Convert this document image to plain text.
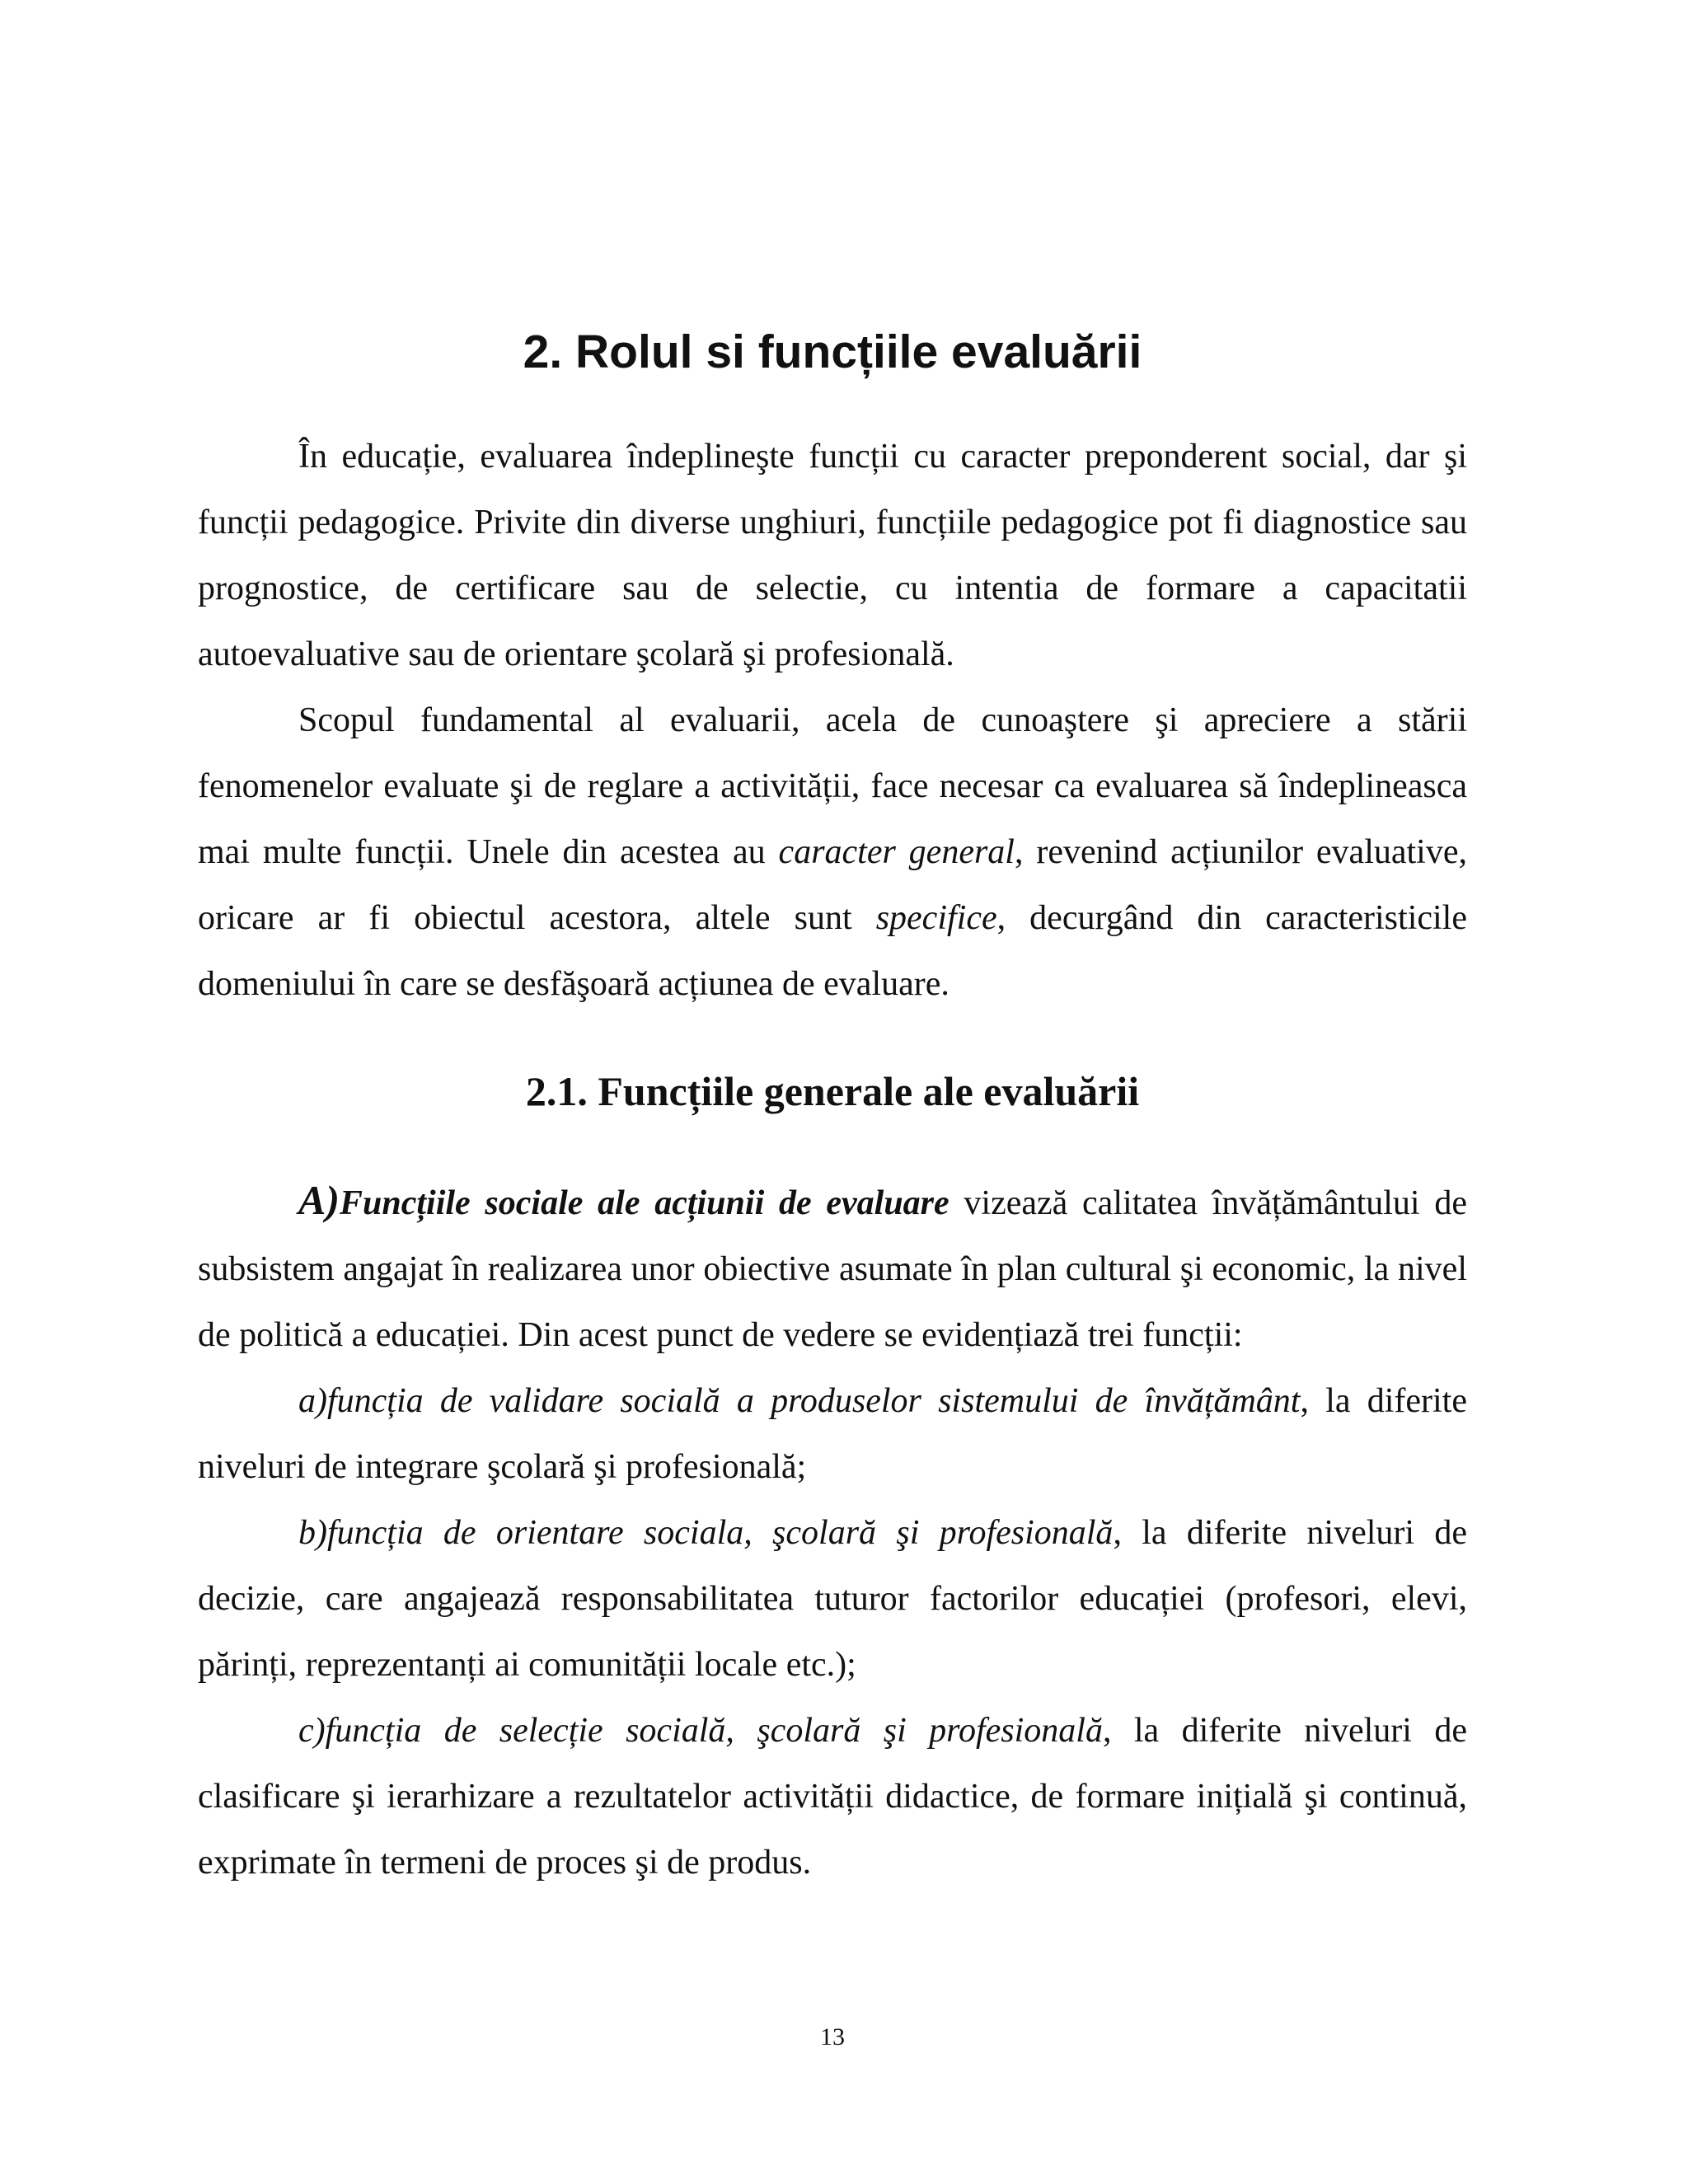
2. Rolul si funcțiile evaluării

În educație, evaluarea îndeplineşte funcții cu caracter preponderent social, dar şi funcții pedagogice. Privite din diverse unghiuri, funcțiile pedagogice pot fi diagnostice sau prognostice, de certificare sau de selectie, cu intentia de formare a capacitatii autoevaluative sau de orientare şcolară şi profesională.

Scopul fundamental al evaluarii, acela de cunoaştere şi apreciere a stării fenomenelor evaluate şi de reglare a activității, face necesar ca evaluarea să îndeplineasca mai multe funcții. Unele din acestea au caracter general, revenind acțiunilor evaluative, oricare ar fi obiectul acestora, altele sunt specifice, decurgând din caracteristicile domeniului în care se desfăşoară acțiunea de evaluare.

2.1. Funcțiile generale ale evaluării

A)Funcțiile sociale ale acțiunii de evaluare vizează calitatea învățământului de subsistem angajat în realizarea unor obiective asumate în plan cultural şi economic, la nivel de politică a educației. Din acest punct de vedere se evidențiază trei funcții:

a)funcția de validare socială a produselor sistemului de învățământ, la diferite niveluri de integrare şcolară şi profesională;

b)funcția de orientare sociala, şcolară şi profesională, la diferite niveluri de decizie, care angajează responsabilitatea tuturor factorilor educației (profesori, elevi, părinți, reprezentanți ai comunității locale etc.);

c)funcția de selecție socială, şcolară şi profesională, la diferite niveluri de clasificare şi ierarhizare a rezultatelor activității didactice, de formare inițială şi continuă, exprimate în termeni de proces şi de produs.

13
